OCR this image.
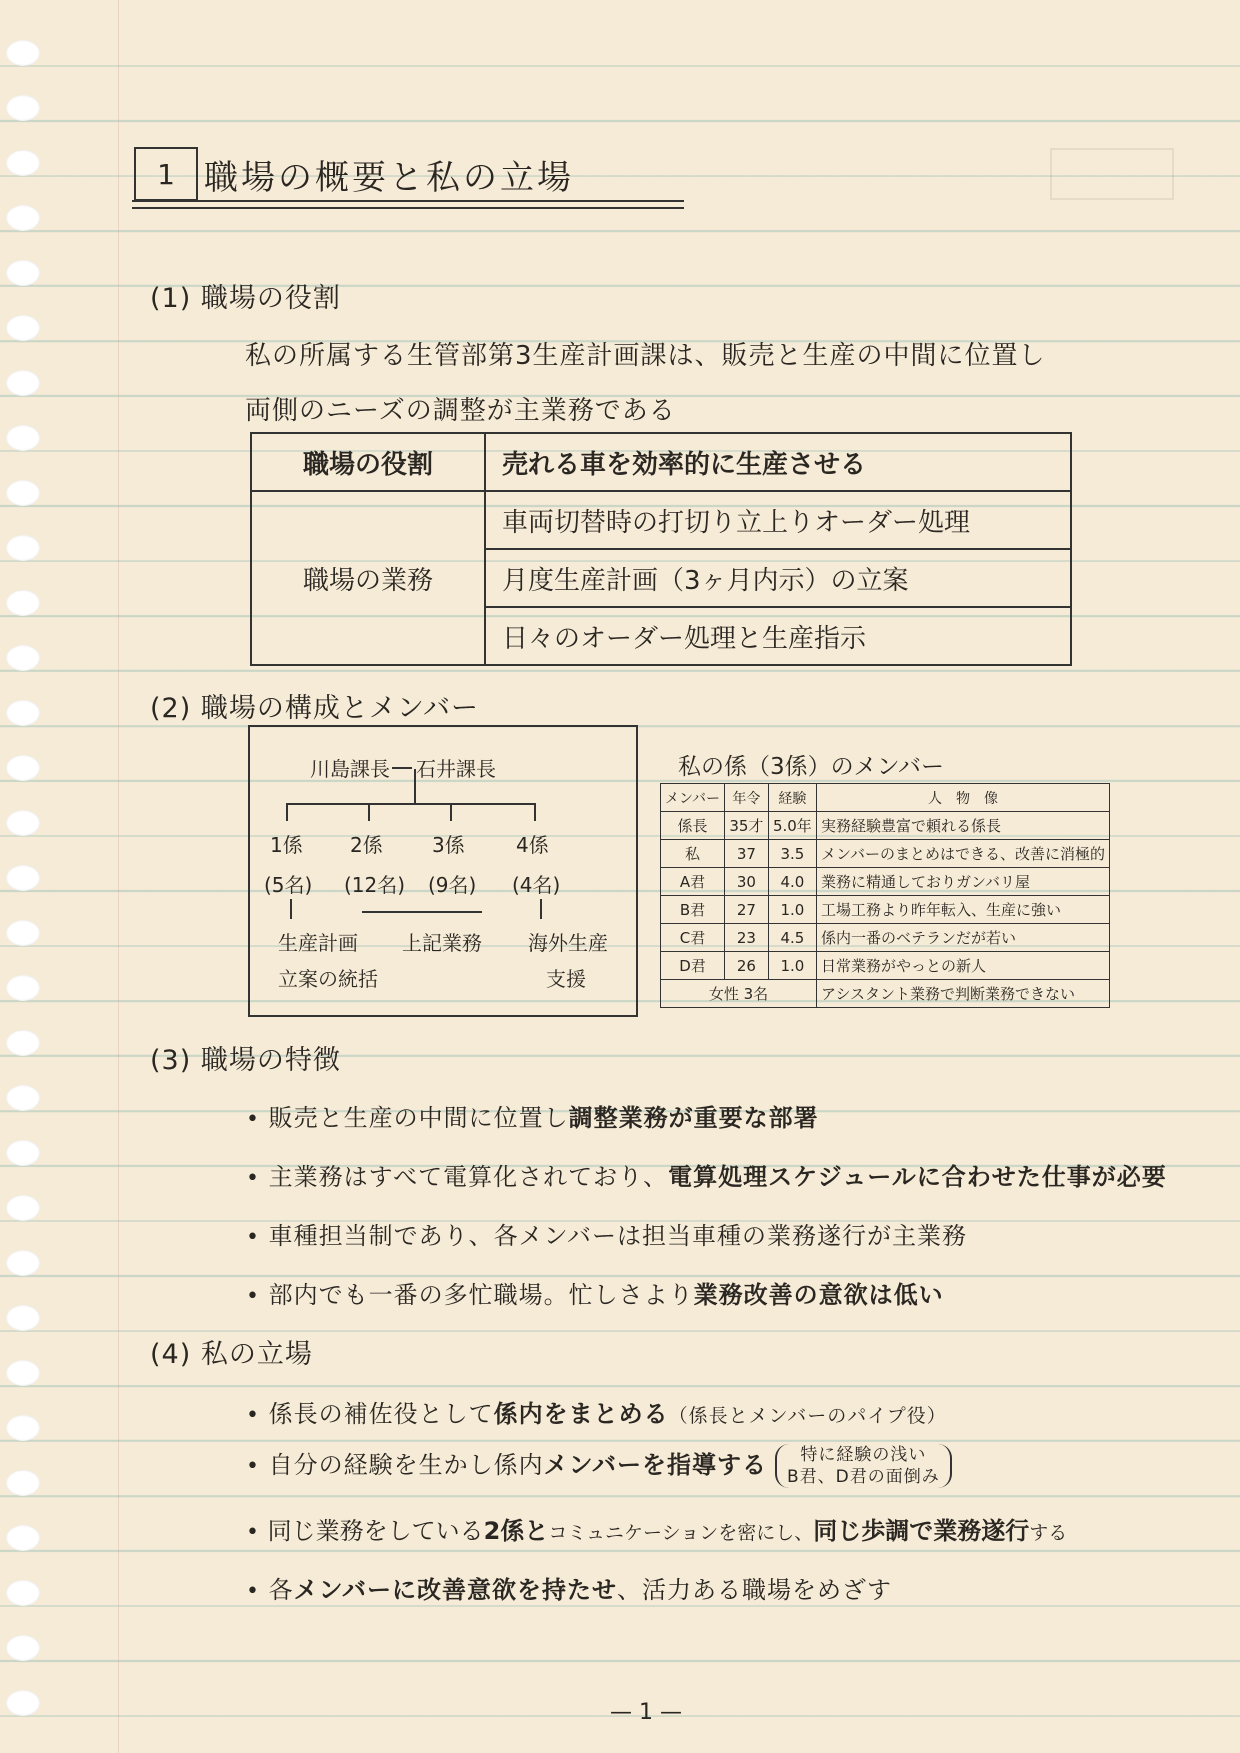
1 職場の概要と私の立場
(1) 職場の役割
私の所属する生管部第3生産計画課は、販売と生産の中間に位置し
両側のニーズの調整が主業務である
職場の役割	売れる車を効率的に生産させる
職場の業務	車両切替時の打切り立上りオーダー処理
	月度生産計画（3ヶ月内示）の立案
	日々のオーダー処理と生産指示
(2) 職場の構成とメンバー
川島課長 石井課長
1係 2係 3係	4係
(5名) (12名) (9名) (4名)
生産計画
立案の統括
上記業務 海外生産
支援
私の係（3係）のメンバー
メンバー	年令	経験	人　物　像
係長	35才	5.0年	実務経験豊富で頼れる係長
私	37	3.5	メンバーのまとめはできる、改善に消極的
A君	30	4.0	業務に精通しておりガンバリ屋
B君	27	1.0	工場工務より昨年転入、生産に強い
C君	23	4.5	係内一番のベテランだが若い
D君	26	1.0	日常業務がやっとの新人
女性 3名			アシスタント業務で判断業務できない
(3) 職場の特徴
• 販売と生産の中間に位置し調整業務が重要な部署
• 主業務はすべて電算化されており、電算処理スケジュールに合わせた仕事が必要
• 車種担当制であり、各メンバーは担当車種の業務遂行が主業務
• 部内でも一番の多忙職場。忙しさより業務改善の意欲は低い
(4) 私の立場
• 係長の補佐役として係内をまとめる（係長とメンバーのパイプ役）
• 自分の経験を生かし係内メンバーを指導する 特に経験の浅い
B君、D君の面倒み
• 同じ業務をしている2係とコミュニケーションを密にし、同じ歩調で業務遂行する
• 各メンバーに改善意欲を持たせ、活力ある職場をめざす
— 1 —
